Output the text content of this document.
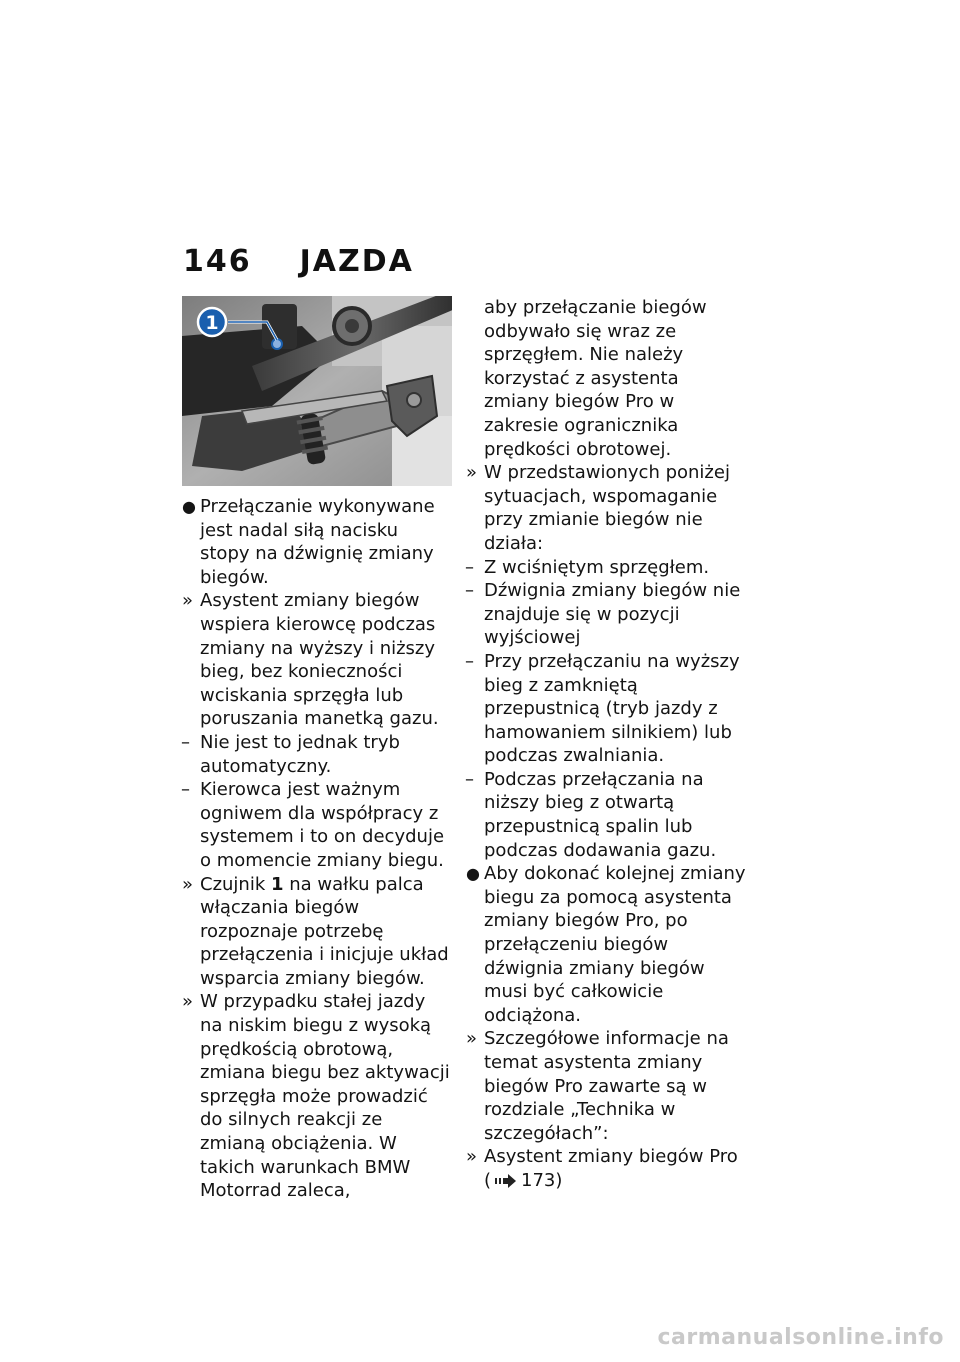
146 JAZDA
1
● Przełączanie wykonywane jest nadal siłą nacisku stopy na dźwignię zmiany biegów.
» Asystent zmiany biegów wspiera kierowcę podczas zmiany na wyższy i niższy bieg, bez konieczności wciskania sprzęgła lub poruszania manetką gazu.
– Nie jest to jednak tryb automatyczny.
– Kierowca jest ważnym ogniwem dla współpracy z systemem i to on decyduje o momencie zmiany biegu.
» Czujnik 1 na wałku palca włączania biegów rozpoznaje potrzebę przełączenia i inicjuje układ wsparcia zmiany biegów.
» W przypadku stałej jazdy na niskim biegu z wysoką prędkością obrotową, zmiana biegu bez aktywacji sprzęgła może prowadzić do silnych reakcji ze zmianą obciążenia. W takich warunkach BMW Motorrad zaleca,
aby przełączanie biegów odbywało się wraz ze sprzęgłem. Nie należy korzystać z asystenta zmiany biegów Pro w zakresie ogranicznika prędkości obrotowej.
» W przedstawionych poniżej sytuacjach, wspomaganie przy zmianie biegów nie działa:
– Z wciśniętym sprzęgłem.
– Dźwignia zmiany biegów nie znajduje się w pozycji wyjściowej
– Przy przełączaniu na wyższy bieg z zamkniętą przepustnicą (tryb jazdy z hamowaniem silnikiem) lub podczas zwalniania.
– Podczas przełączania na niższy bieg z otwartą przepustnicą spalin lub podczas dodawania gazu.
● Aby dokonać kolejnej zmiany biegu za pomocą asystenta zmiany biegów Pro, po przełączeniu biegów dźwignia zmiany biegów musi być całkowicie odciążona.
» Szczegółowe informacje na temat asystenta zmiany biegów Pro zawarte są w rozdziale „Technika w szczegółach”:
» Asystent zmiany biegów Pro
( 173)
carmanualsonline.info
